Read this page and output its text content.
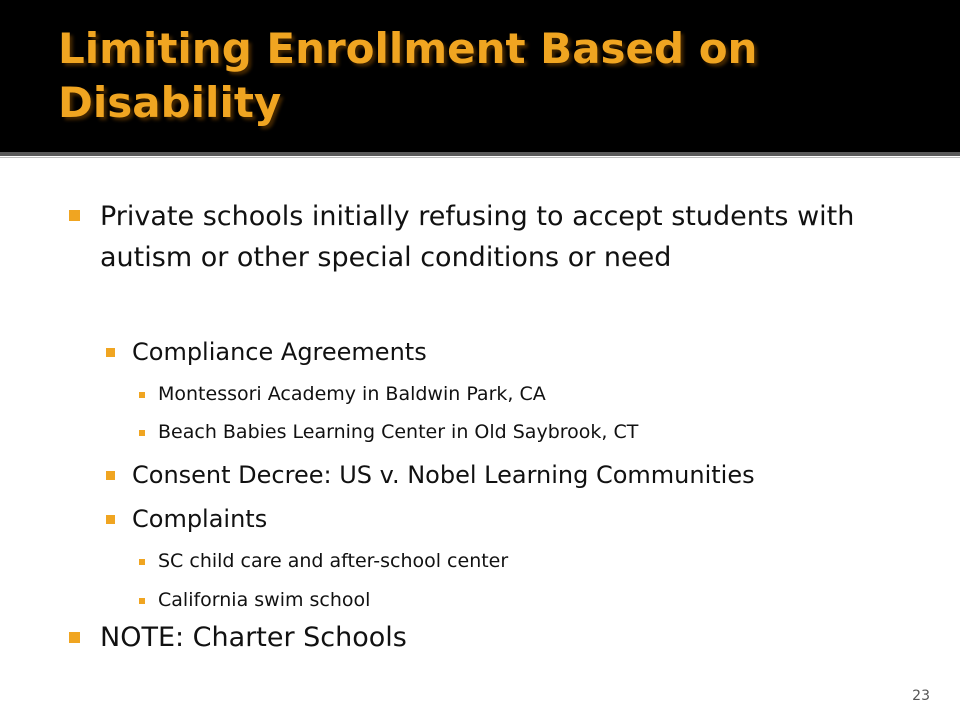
Limiting Enrollment Based on Disability
Private schools initially refusing to accept students with autism or other special conditions or need
Compliance Agreements
Montessori Academy in Baldwin Park, CA
Beach Babies Learning Center in Old Saybrook, CT
Consent Decree: US v. Nobel Learning Communities
Complaints
SC child care and after-school center
California swim school
NOTE: Charter Schools
23
